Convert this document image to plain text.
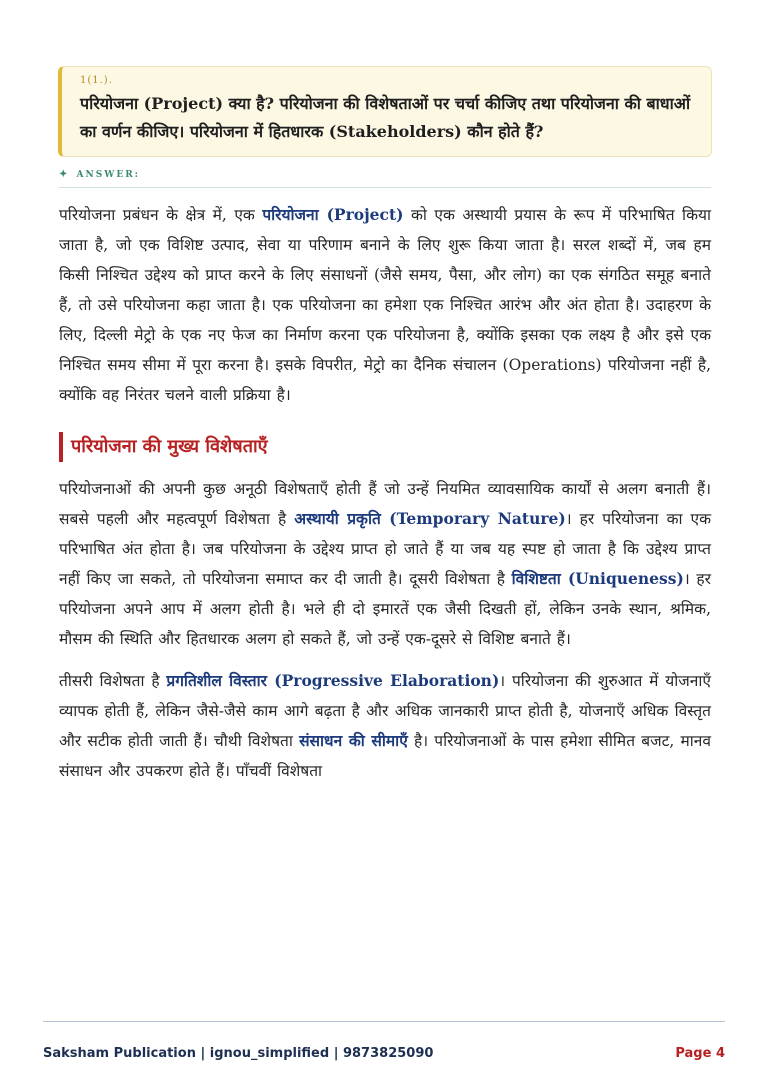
1(1.).
परियोजना (Project) क्या है? परियोजना की विशेषताओं पर चर्चा कीजिए तथा परियोजना की बाधाओं का वर्णन कीजिए। परियोजना में हितधारक (Stakeholders) कौन होते हैं?
✦ ANSWER:

परियोजना प्रबंधन के क्षेत्र में, एक परियोजना (Project) को एक अस्थायी प्रयास के रूप में परिभाषित किया जाता है, जो एक विशिष्ट उत्पाद, सेवा या परिणाम बनाने के लिए शुरू किया जाता है। सरल शब्दों में, जब हम किसी निश्चित उद्देश्य को प्राप्त करने के लिए संसाधनों (जैसे समय, पैसा, और लोग) का एक संगठित समूह बनाते हैं, तो उसे परियोजना कहा जाता है। एक परियोजना का हमेशा एक निश्चित आरंभ और अंत होता है। उदाहरण के लिए, दिल्ली मेट्रो के एक नए फेज का निर्माण करना एक परियोजना है, क्योंकि इसका एक लक्ष्य है और इसे एक निश्चित समय सीमा में पूरा करना है। इसके विपरीत, मेट्रो का दैनिक संचालन (Operations) परियोजना नहीं है, क्योंकि वह निरंतर चलने वाली प्रक्रिया है।

परियोजना की मुख्य विशेषताएँ

परियोजनाओं की अपनी कुछ अनूठी विशेषताएँ होती हैं जो उन्हें नियमित व्यावसायिक कार्यों से अलग बनाती हैं। सबसे पहली और महत्वपूर्ण विशेषता है अस्थायी प्रकृति (Temporary Nature)। हर परियोजना का एक परिभाषित अंत होता है। जब परियोजना के उद्देश्य प्राप्त हो जाते हैं या जब यह स्पष्ट हो जाता है कि उद्देश्य प्राप्त नहीं किए जा सकते, तो परियोजना समाप्त कर दी जाती है। दूसरी विशेषता है विशिष्टता (Uniqueness)। हर परियोजना अपने आप में अलग होती है। भले ही दो इमारतें एक जैसी दिखती हों, लेकिन उनके स्थान, श्रमिक, मौसम की स्थिति और हितधारक अलग हो सकते हैं, जो उन्हें एक-दूसरे से विशिष्ट बनाते हैं।

तीसरी विशेषता है प्रगतिशील विस्तार (Progressive Elaboration)। परियोजना की शुरुआत में योजनाएँ व्यापक होती हैं, लेकिन जैसे-जैसे काम आगे बढ़ता है और अधिक जानकारी प्राप्त होती है, योजनाएँ अधिक विस्तृत और सटीक होती जाती हैं। चौथी विशेषता संसाधन की सीमाएँ है। परियोजनाओं के पास हमेशा सीमित बजट, मानव संसाधन और उपकरण होते हैं। पाँचवीं विशेषता

Saksham Publication | ignou_simplified | 9873825090	Page 4
